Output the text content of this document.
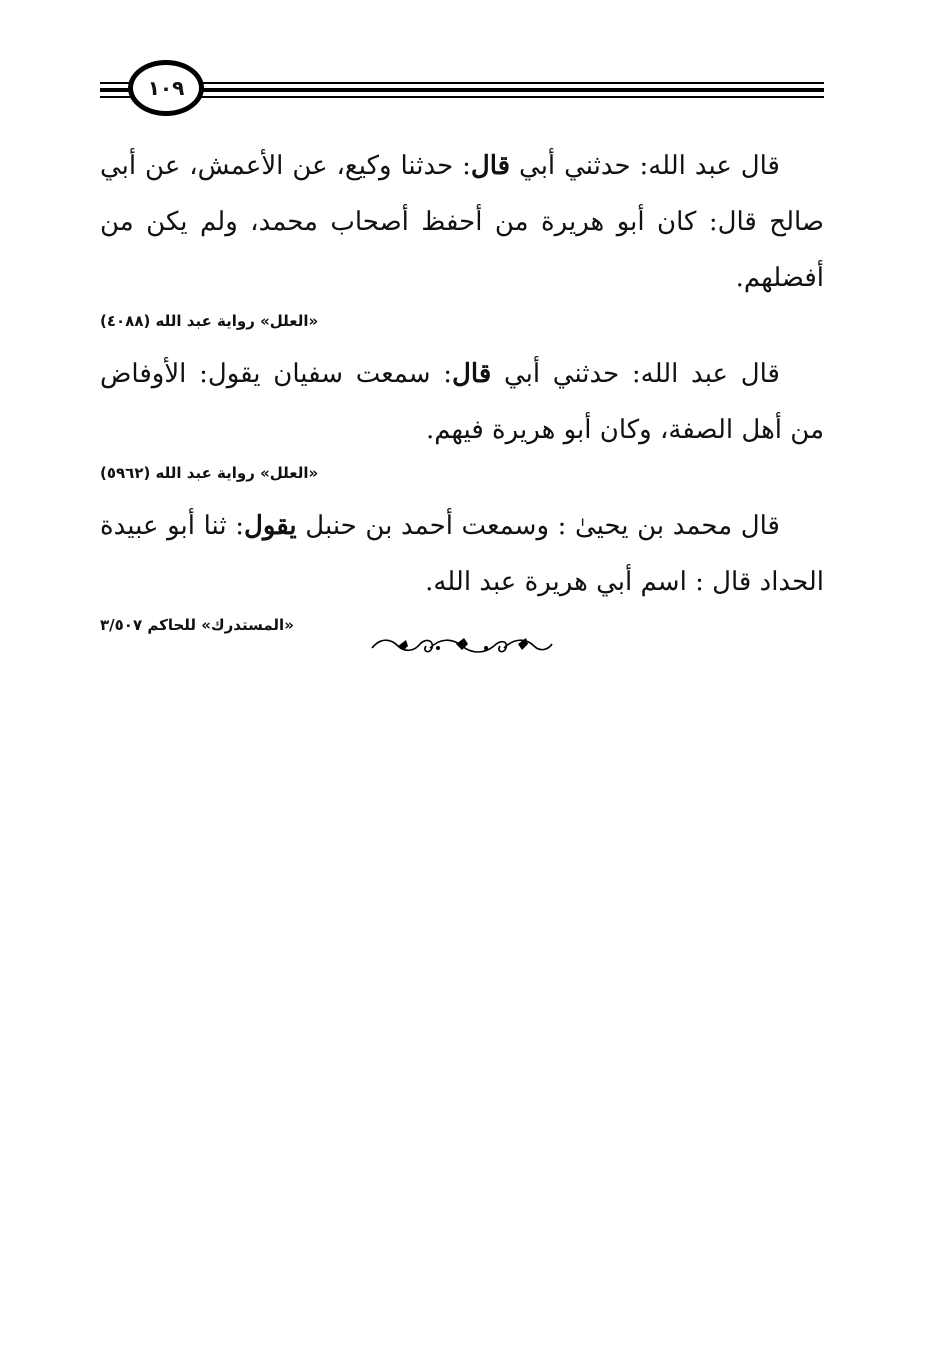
١٠٩

قال عبد الله: حدثني أبي قال: حدثنا وكيع، عن الأعمش، عن أبي صالح قال: كان أبو هريرة من أحفظ أصحاب محمد، ولم يكن من أفضلهم.

«العلل» رواية عبد الله (٤٠٨٨)

قال عبد الله: حدثني أبي قال: سمعت سفيان يقول: الأوفاض من أهل الصفة، وكان أبو هريرة فيهم.

«العلل» رواية عبد الله (٥٩٦٢)

قال محمد بن يحيىٰ : وسمعت أحمد بن حنبل يقول: ثنا أبو عبيدة الحداد قال : اسم أبي هريرة عبد الله.

«المستدرك» للحاكم ٣/٥٠٧
